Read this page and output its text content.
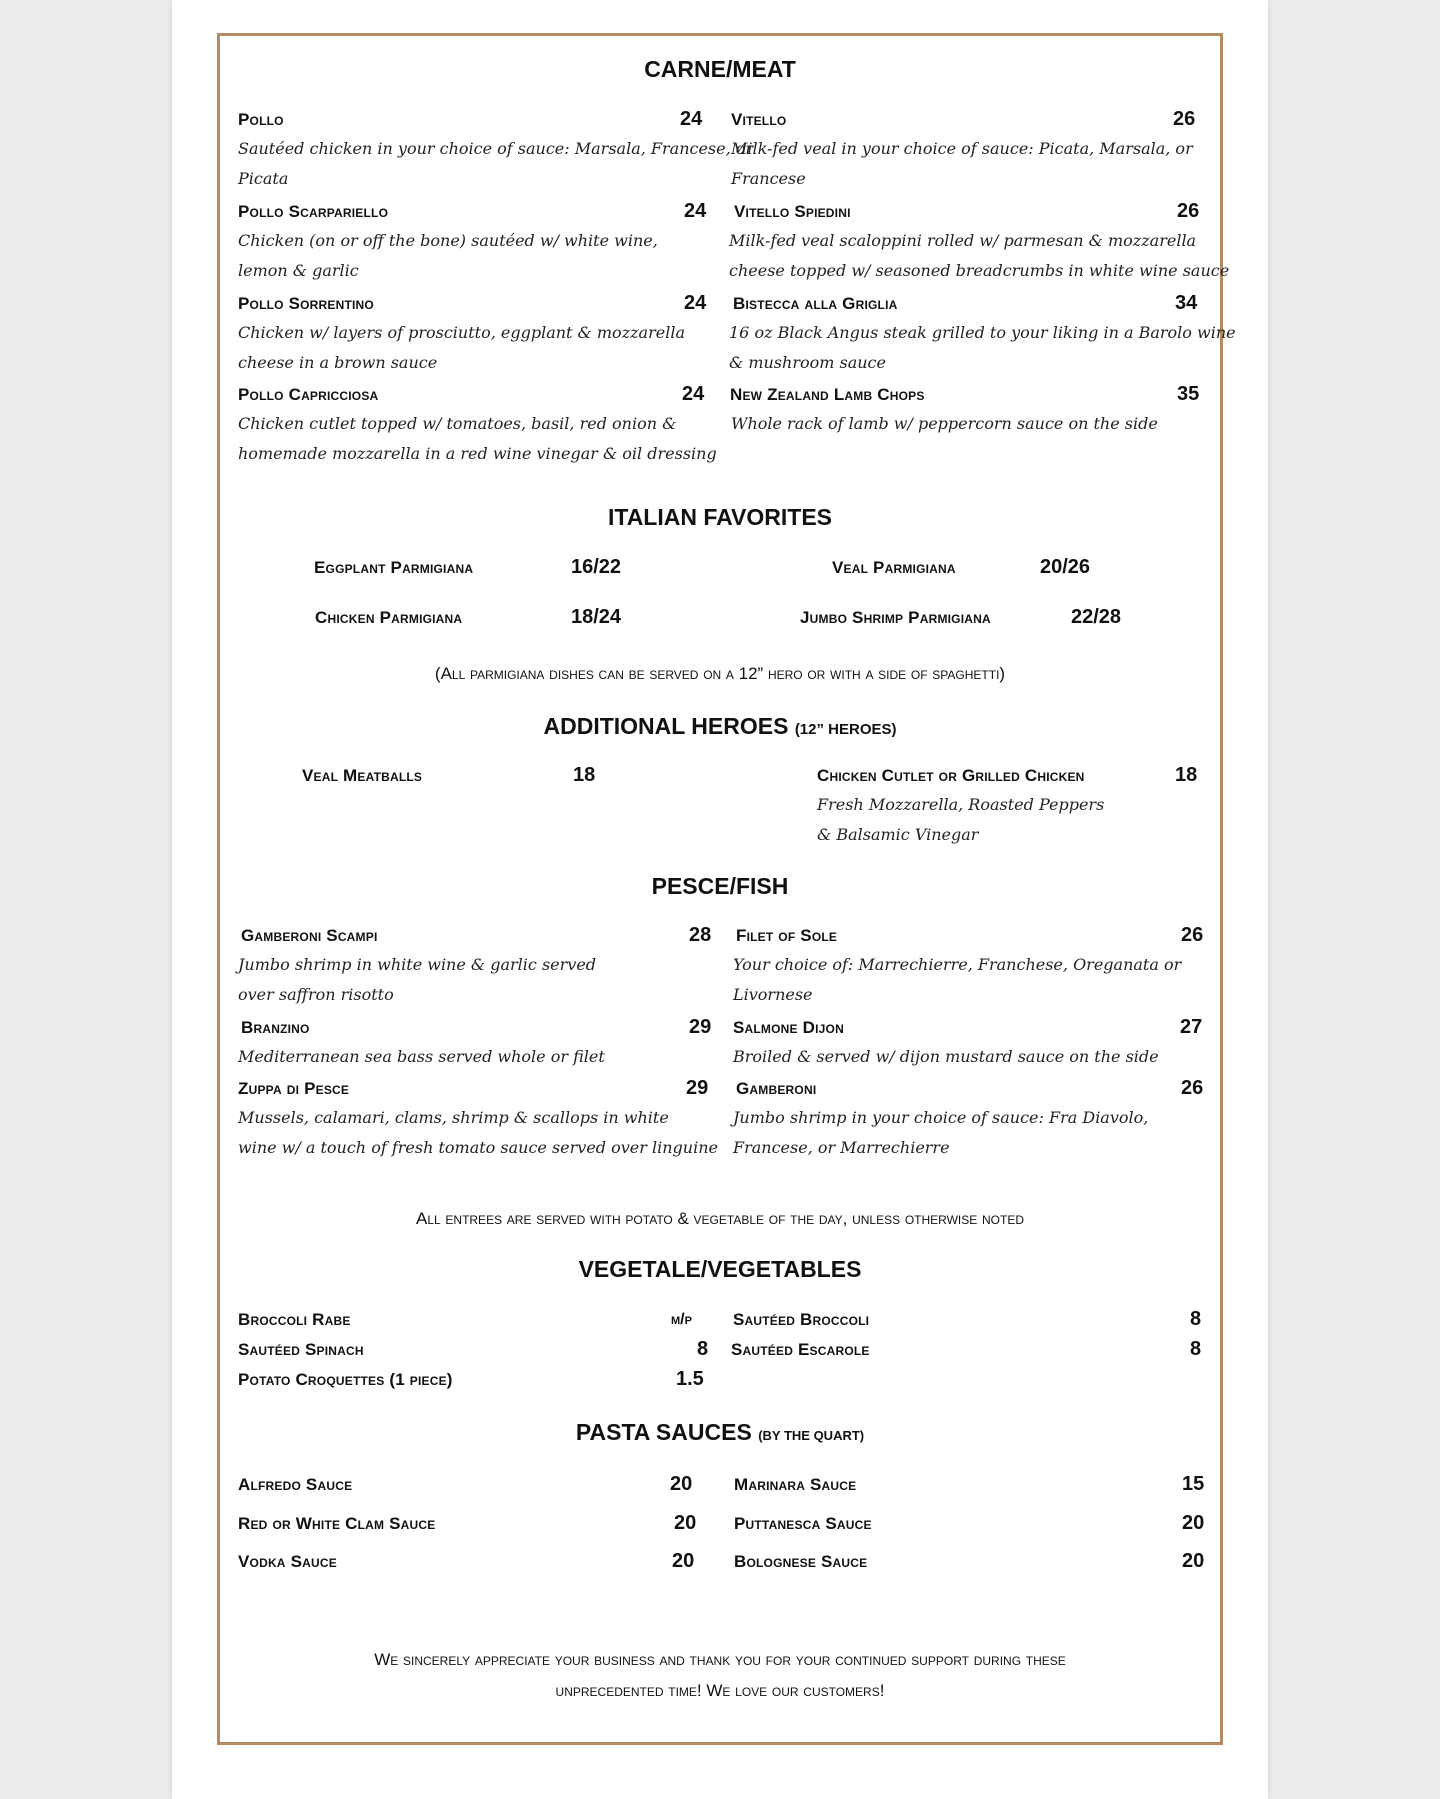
CARNE/MEAT
Pollo	24
Sautéed chicken in your choice of sauce: Marsala, Francese, or
Picata
Pollo Scarpariello	24
Chicken (on or off the bone) sautéed w/ white wine,
lemon & garlic
Pollo Sorrentino	24
Chicken w/ layers of prosciutto, eggplant & mozzarella
cheese in a brown sauce
Pollo Capricciosa	24
Chicken cutlet topped w/ tomatoes, basil, red onion &
homemade mozzarella in a red wine vinegar & oil dressing
Vitello	26
Milk-fed veal in your choice of sauce: Picata, Marsala, or
Francese
Vitello Spiedini	26
Milk-fed veal scaloppini rolled w/ parmesan & mozzarella
cheese topped w/ seasoned breadcrumbs in white wine sauce
Bistecca alla Griglia	34
16 oz Black Angus steak grilled to your liking in a Barolo wine
& mushroom sauce
New Zealand Lamb Chops	35
Whole rack of lamb w/ peppercorn sauce on the side
ITALIAN FAVORITES
Eggplant Parmigiana	16/22	Veal Parmigiana	20/26
Chicken Parmigiana	18/24	Jumbo Shrimp Parmigiana	22/28
(All parmigiana dishes can be served on a 12” hero or with a side of spaghetti)
ADDITIONAL HEROES (12” HEROES)
Veal Meatballs	18	Chicken Cutlet or Grilled Chicken	18
Fresh Mozzarella, Roasted Peppers
& Balsamic Vinegar
PESCE/FISH
Gamberoni Scampi	28
Jumbo shrimp in white wine & garlic served
over saffron risotto
Branzino	29
Mediterranean sea bass served whole or filet
Zuppa di Pesce	29
Mussels, calamari, clams, shrimp & scallops in white
wine w/ a touch of fresh tomato sauce served over linguine
Filet of Sole	26
Your choice of: Marrechierre, Franchese, Oreganata or
Livornese
Salmone Dijon	27
Broiled & served w/ dijon mustard sauce on the side
Gamberoni	26
Jumbo shrimp in your choice of sauce: Fra Diavolo,
Francese, or Marrechierre
All entrees are served with potato & vegetable of the day, unless otherwise noted
VEGETALE/VEGETABLES
Broccoli Rabe	m/p
Sautéed Spinach	8
Potato Croquettes (1 piece)	1.5
Sautéed Broccoli	8
Sautéed Escarole	8
PASTA SAUCES (BY THE QUART)
Alfredo Sauce	20
Red or White Clam Sauce	20
Vodka Sauce	20
Marinara Sauce	15
Puttanesca Sauce	20
Bolognese Sauce	20
We sincerely appreciate your business and thank you for your continued support during these
unprecedented time! We love our customers!
